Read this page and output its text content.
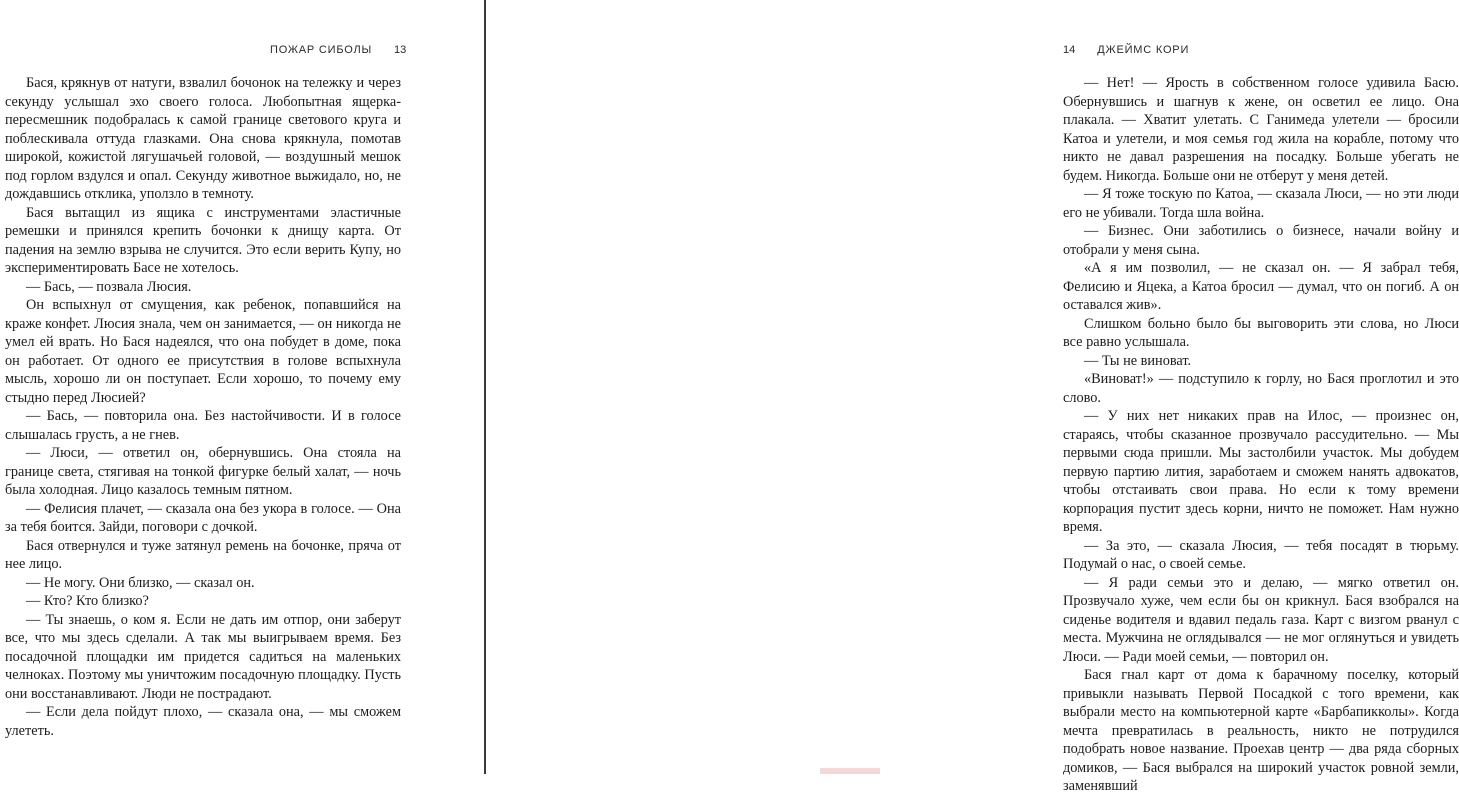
ПОЖАР СИБОЛЫ 13

Бася, крякнув от натуги, взвалил бочонок на тележку и через секунду услышал эхо своего голоса. Любопытная ящерка-пересмешник подобралась к самой границе светового круга и поблескивала оттуда глазками. Она снова крякнула, помотав широкой, кожистой лягушачьей головой, — воздушный мешок под горлом вздулся и опал. Секунду животное выжидало, но, не дождавшись отклика, уползло в темноту.

Бася вытащил из ящика с инструментами эластичные ремешки и принялся крепить бочонки к днищу карта. От падения на землю взрыва не случится. Это если верить Купу, но экспериментировать Басе не хотелось.

— Бась, — позвала Люсия.

Он вспыхнул от смущения, как ребенок, попавшийся на краже конфет. Люсия знала, чем он занимается, — он никогда не умел ей врать. Но Бася надеялся, что она побудет в доме, пока он работает. От одного ее присутствия в голове вспыхнула мысль, хорошо ли он поступает. Если хорошо, то почему ему стыдно перед Люсией?

— Бась, — повторила она. Без настойчивости. И в голосе слышалась грусть, а не гнев.

— Люси, — ответил он, обернувшись. Она стояла на границе света, стягивая на тонкой фигурке белый халат, — ночь была холодная. Лицо казалось темным пятном.

— Фелисия плачет, — сказала она без укора в голосе. — Она за тебя боится. Зайди, поговори с дочкой.

Бася отвернулся и туже затянул ремень на бочонке, пряча от нее лицо.

— Не могу. Они близко, — сказал он.

— Кто? Кто близко?

— Ты знаешь, о ком я. Если не дать им отпор, они заберут все, что мы здесь сделали. А так мы выигрываем время. Без посадочной площадки им придется садиться на маленьких челноках. Поэтому мы уничтожим посадочную площадку. Пусть они восстанавливают. Люди не пострадают.

— Если дела пойдут плохо, — сказала она, — мы сможем улететь.

14 ДЖЕЙМС КОРИ

— Нет! — Ярость в собственном голосе удивила Басю. Обернувшись и шагнув к жене, он осветил ее лицо. Она плакала. — Хватит улетать. С Ганимеда улетели — бросили Катоа и улетели, и моя семья год жила на корабле, потому что никто не давал разрешения на посадку. Больше убегать не будем. Никогда. Больше они не отберут у меня детей.

— Я тоже тоскую по Катоа, — сказала Люси, — но эти люди его не убивали. Тогда шла война.

— Бизнес. Они заботились о бизнесе, начали войну и отобрали у меня сына.

«А я им позволил, — не сказал он. — Я забрал тебя, Фелисию и Яцека, а Катоа бросил — думал, что он погиб. А он оставался жив».

Слишком больно было бы выговорить эти слова, но Люси все равно услышала.

— Ты не виноват.

«Виноват!» — подступило к горлу, но Бася проглотил и это слово.

— У них нет никаких прав на Илос, — произнес он, стараясь, чтобы сказанное прозвучало рассудительно. — Мы первыми сюда пришли. Мы застолбили участок. Мы добудем первую партию лития, заработаем и сможем нанять адвокатов, чтобы отстаивать свои права. Но если к тому времени корпорация пустит здесь корни, ничто не поможет. Нам нужно время.

— За это, — сказала Люсия, — тебя посадят в тюрьму. Подумай о нас, о своей семье.

— Я ради семьи это и делаю, — мягко ответил он. Прозвучало хуже, чем если бы он крикнул. Бася взобрался на сиденье водителя и вдавил педаль газа. Карт с визгом рванул с места. Мужчина не оглядывался — не мог оглянуться и увидеть Люси. — Ради моей семьи, — повторил он.

Бася гнал карт от дома к барачному поселку, который привыкли называть Первой Посадкой с того времени, как выбрали место на компьютерной карте «Барбапикколы». Когда мечта превратилась в реальность, никто не потрудился подобрать новое название. Проехав центр — два ряда сборных домиков, — Бася выбрался на широкий участок ровной земли, заменявший
